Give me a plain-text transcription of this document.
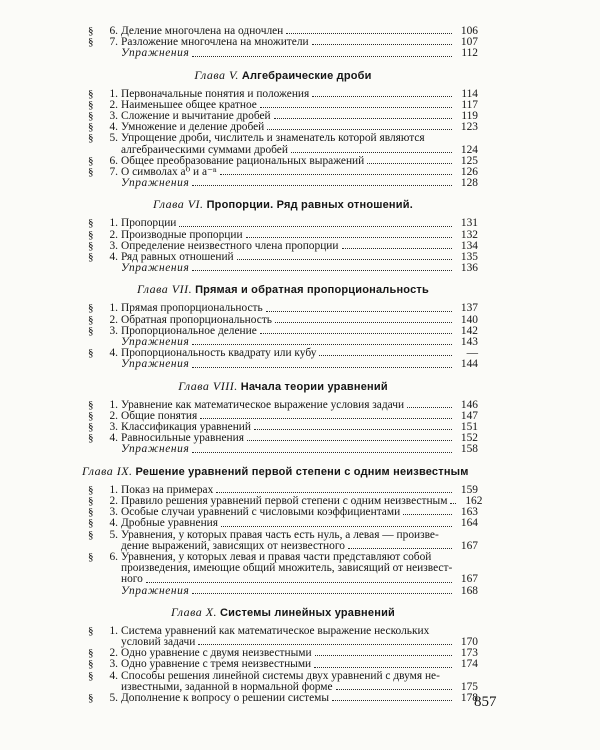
§	6. Деление многочлена на одночлен	106
§	7. Разложение многочлена на множители	107
Упражнения	112
Глава V. Алгебраические дроби
§	1. Первоначальные понятия и положения	114
§	2. Наименьшее общее кратное	117
§	3. Сложение и вычитание дробей	119
§	4. Умножение и деление дробей	123
§	5. Упрощение дроби, числитель и знаменатель которой являются
алгебраическими суммами дробей	124
§	6. Общее преобразование рациональных выражений	125
§	7. О символах a⁰ и a⁻ⁿ	126
Упражнения	128
Глава VI. Пропорции. Ряд равных отношений.
§	1. Пропорции	131
§	2. Производные пропорции	132
§	3. Определение неизвестного члена пропорции	134
§	4. Ряд равных отношений	135
Упражнения	136
Глава VII. Прямая и обратная пропорциональность
§	1. Прямая пропорциональность	137
§	2. Обратная пропорциональность	140
§	3. Пропорциональное деление	142
Упражнения	143
§	4. Пропорциональность квадрату или кубу	—
Упражнения	144
Глава VIII. Начала теории уравнений
§	1. Уравнение как математическое выражение условия задачи	146
§	2. Общие понятия	147
§	3. Классификация уравнений	151
§	4. Равносильные уравнения	152
Упражнения	158
Глава IX. Решение уравнений первой степени с одним неизвестным
§	1. Показ на примерах	159
§	2. Правило решения уравнений первой степени с одним неизвестным	162
§	3. Особые случаи уравнений с числовыми коэффициентами	163
§	4. Дробные уравнения	164
§	5. Уравнения, у которых правая часть есть нуль, а левая — произве-
дение выражений, зависящих от неизвестного	167
§	6. Уравнения, у которых левая и правая части представляют собой
произведения, имеющие общий множитель, зависящий от неизвест-
ного	167
Упражнения	168
Глава X. Системы линейных уравнений
§	1. Система уравнений как математическое выражение нескольких
условий задачи	170
§	2. Одно уравнение с двумя неизвестными	173
§	3. Одно уравнение с тремя неизвестными	174
§	4. Способы решения линейной системы двух уравнений с двумя не-
известными, заданной в нормальной форме	175
§	5. Дополнение к вопросу о решении системы	178
857
